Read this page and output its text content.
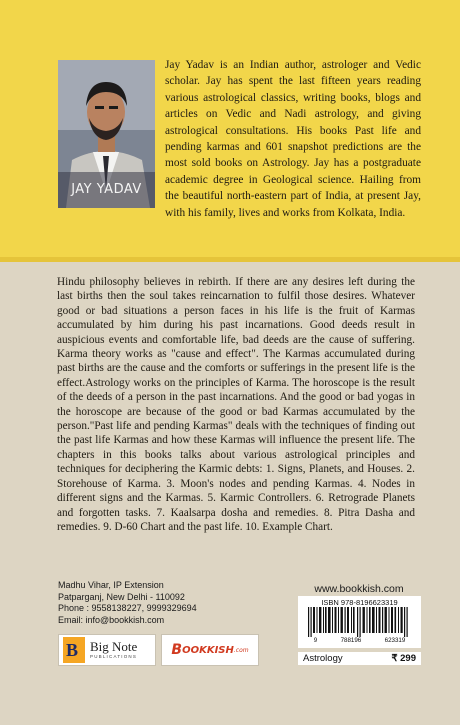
JAY YADAV

Jay Yadav is an Indian author, astrologer and Vedic scholar. Jay has spent the last fifteen years reading various astrological classics, writing books, blogs and articles on Vedic and Nadi astrology, and giving astrological consultations. His books Past life and pending karmas and 601 snapshot predictions are the most sold books on Astrology. Jay has a postgraduate academic degree in Geological science. Hailing from the beautiful north-eastern part of India, at present Jay, with his family, lives and works from Kolkata, India.

Hindu philosophy believes in rebirth. If there are any desires left during the last births then the soul takes reincarnation to fulfil those desires. Whatever good or bad situations a person faces in his life is the fruit of Karmas accumulated by him during his past incarnations. Good deeds result in auspicious events and comfortable life, bad deeds are the cause of suffering. Karma theory works as "cause and effect". The Karmas accumulated during past births are the cause and the comforts or sufferings in the present life is the effect.Astrology works on the principles of Karma. The horoscope is the result of the deeds of a person in the past incarnations. And the good or bad yogas in the horoscope are because of the good or bad Karmas accumulated by the person."Past life and pending Karmas" deals with the techniques of finding out the past life Karmas and how these Karmas will influence the present life. The chapters in this books talks about various astrological principles and techniques for deciphering the Karmic debts: 1. Signs, Planets, and Houses. 2. Storehouse of Karma. 3. Moon's nodes and pending Karmas. 4. Nodes in different signs and the Karmas. 5. Karmic Controllers. 6. Retrograde Planets and forgotten tasks. 7. Kaalsarpa dosha and remedies. 8. Pitra Dasha and remedies. 9. D-60 Chart and the past life. 10. Example Chart.

Madhu Vihar, IP Extension
Patparganj, New Delhi - 110092
Phone : 9558138227, 9999329694
Email: info@bookkish.com
B Big Note
PUBLICATIONS B OOKKISH .com
www.bookkish.com
ISBN 978-8196623319
9	788196	623319
Astrology	₹ 299
